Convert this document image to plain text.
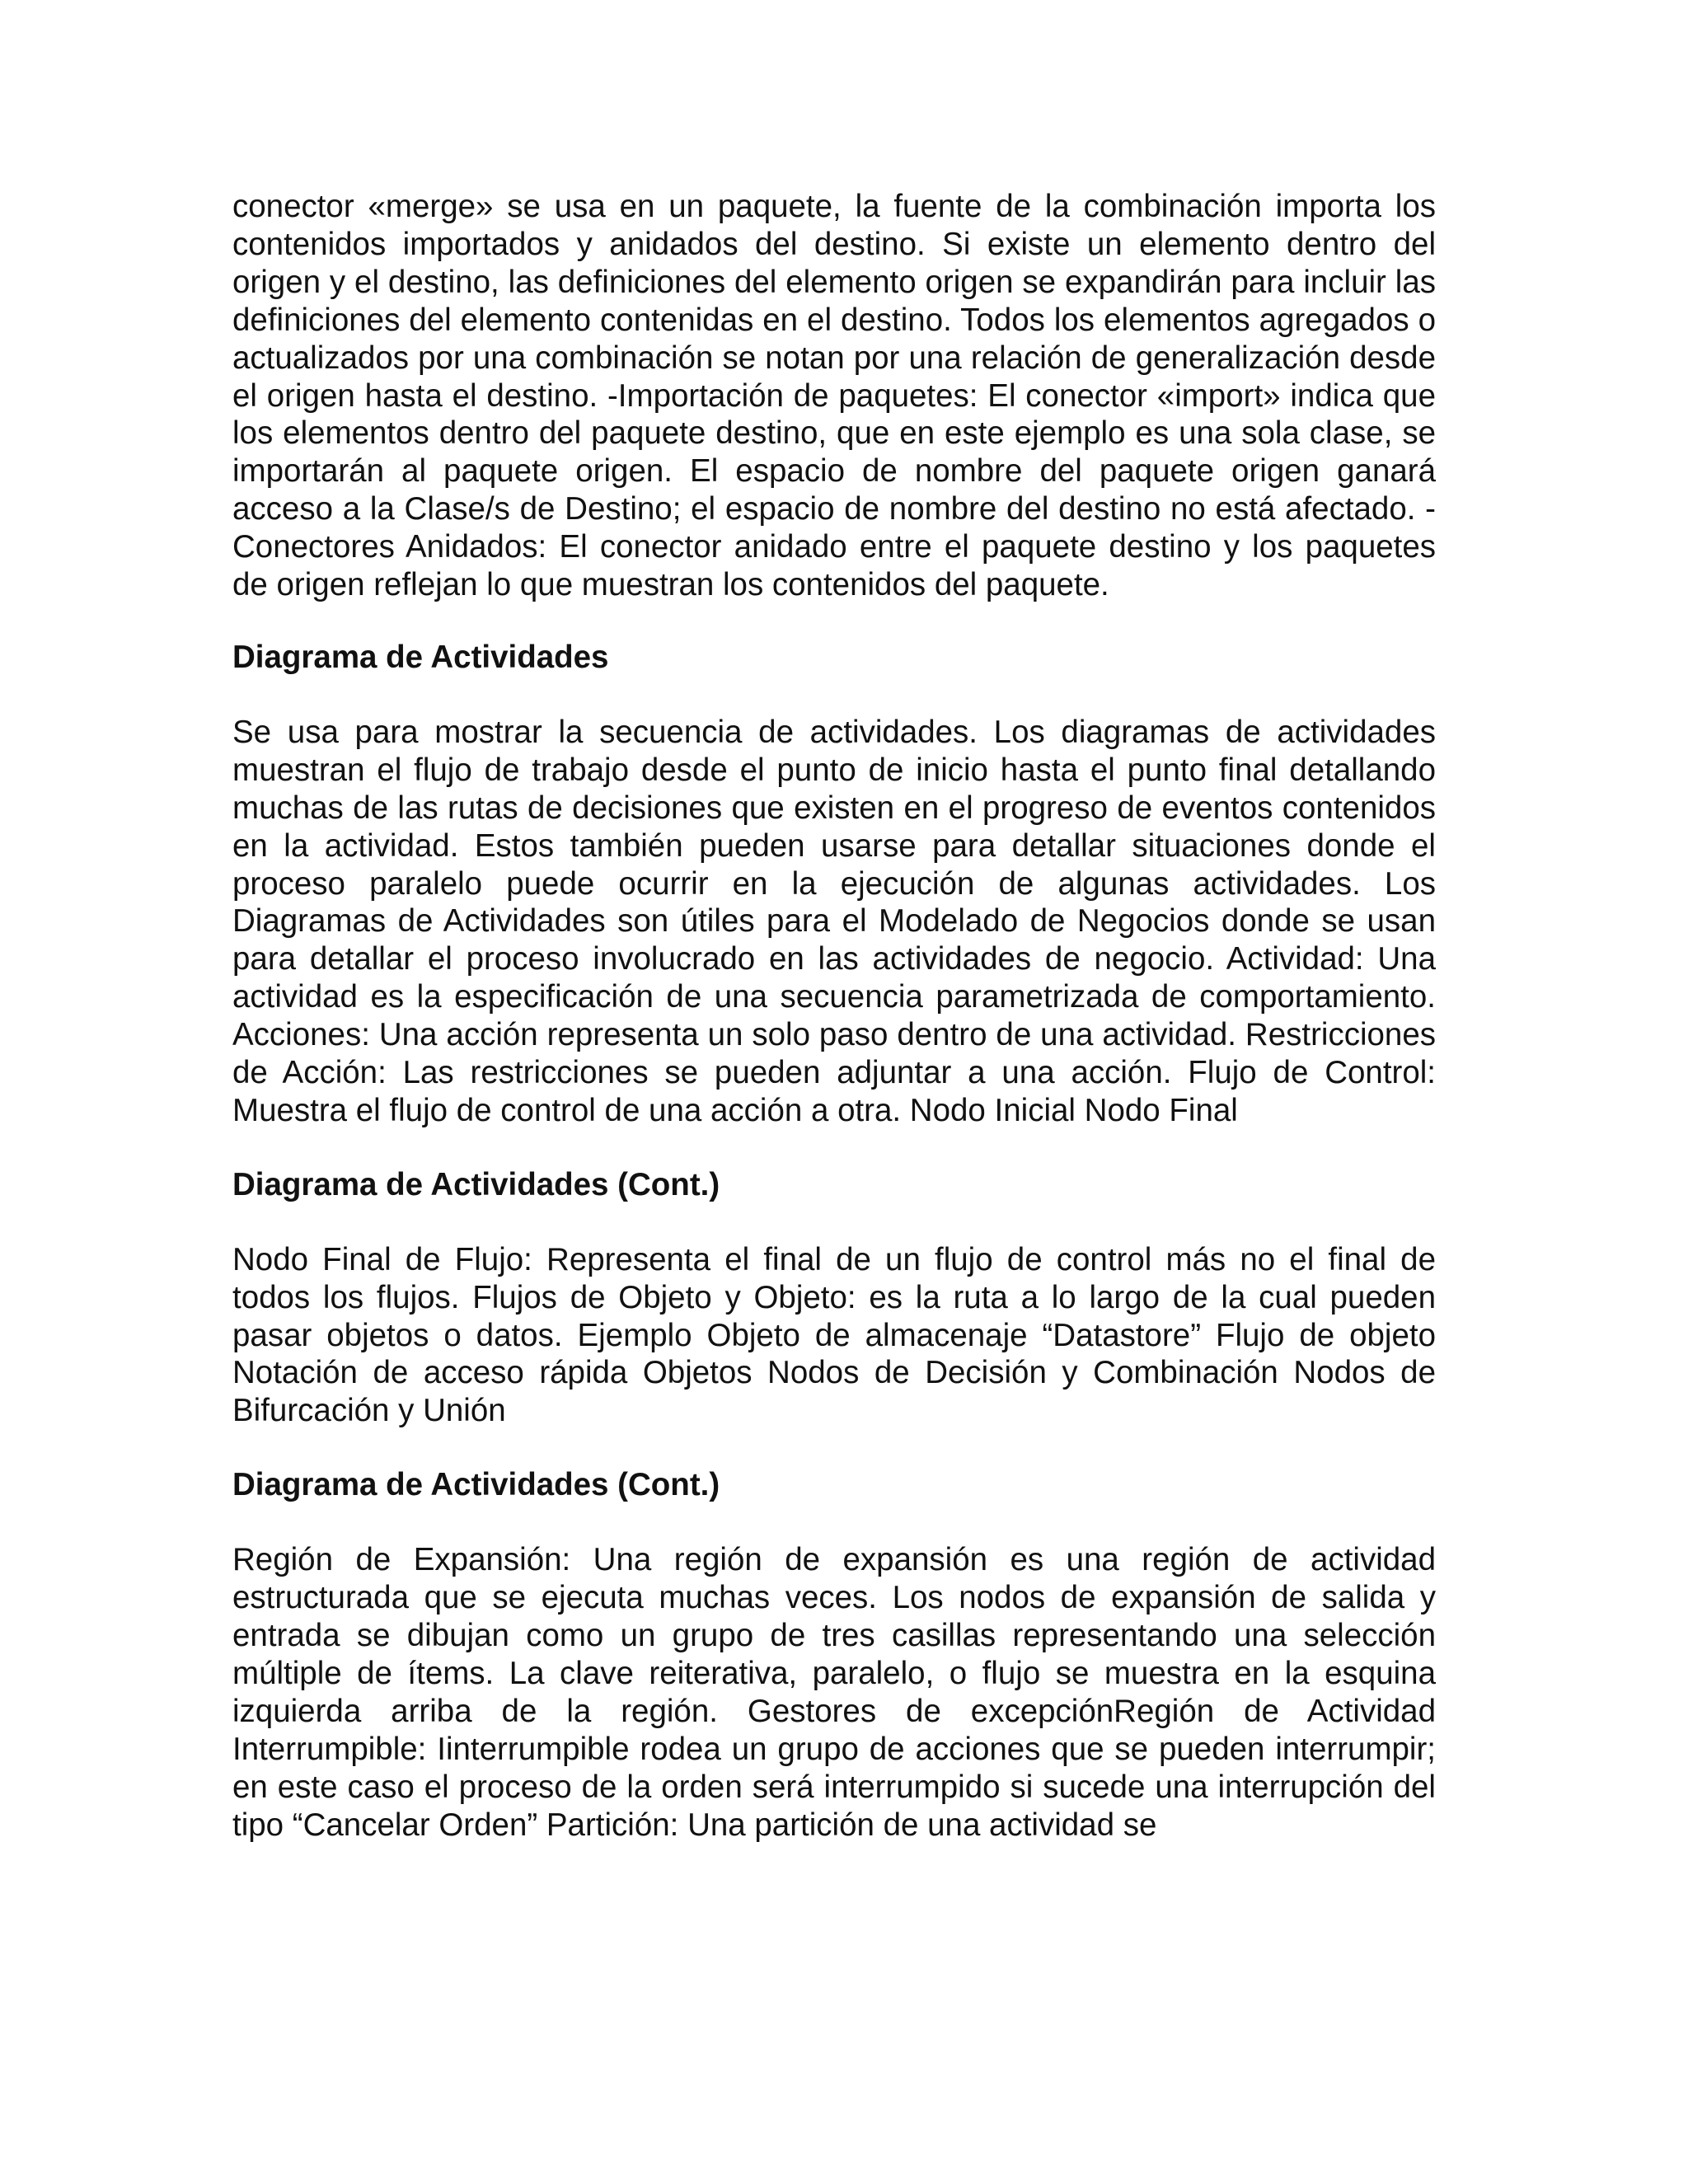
conector «merge» se usa en un paquete, la fuente de la combinación importa los contenidos importados y anidados del destino. Si existe un elemento dentro del origen y el destino, las definiciones del elemento origen se expandirán para incluir las definiciones del elemento contenidas en el destino. Todos los elementos agregados o actualizados por una combinación se notan por una relación de generalización desde el origen hasta el destino. -Importación de paquetes: El conector «import» indica que los elementos dentro del paquete destino, que en este ejemplo es una sola clase, se importarán al paquete origen. El espacio de nombre del paquete origen ganará acceso a la Clase/s de Destino; el espacio de nombre del destino no está afectado. -Conectores Anidados: El conector anidado entre el paquete destino y los paquetes de origen reflejan lo que muestran los contenidos del paquete.

Diagrama de Actividades

Se usa para mostrar la secuencia de actividades. Los diagramas de actividades muestran el flujo de trabajo desde el punto de inicio hasta el punto final detallando muchas de las rutas de decisiones que existen en el progreso de eventos contenidos en la actividad. Estos también pueden usarse para detallar situaciones donde el proceso paralelo puede ocurrir en la ejecución de algunas actividades. Los Diagramas de Actividades son útiles para el Modelado de Negocios donde se usan para detallar el proceso involucrado en las actividades de negocio. Actividad: Una actividad es la especificación de una secuencia parametrizada de comportamiento. Acciones: Una acción representa un solo paso dentro de una actividad. Restricciones de Acción: Las restricciones se pueden adjuntar a una acción. Flujo de Control: Muestra el flujo de control de una acción a otra. Nodo Inicial Nodo Final

Diagrama de Actividades (Cont.)

Nodo Final de Flujo: Representa el final de un flujo de control más no el final de todos los flujos. Flujos de Objeto y Objeto: es la ruta a lo largo de la cual pueden pasar objetos o datos. Ejemplo Objeto de almacenaje “Datastore” Flujo de objeto Notación de acceso rápida Objetos Nodos de Decisión y Combinación Nodos de Bifurcación y Unión

Diagrama de Actividades (Cont.)

Región de Expansión: Una región de expansión es una región de actividad estructurada que se ejecuta muchas veces. Los nodos de expansión de salida y entrada se dibujan como un grupo de tres casillas representando una selección múltiple de ítems. La clave reiterativa, paralelo, o flujo se muestra en la esquina izquierda arriba de la región. Gestores de excepciónRegión de Actividad Interrumpible: Iinterrumpible rodea un grupo de acciones que se pueden interrumpir; en este caso el proceso de la orden será interrumpido si sucede una interrupción del tipo “Cancelar Orden” Partición: Una partición de una actividad se
